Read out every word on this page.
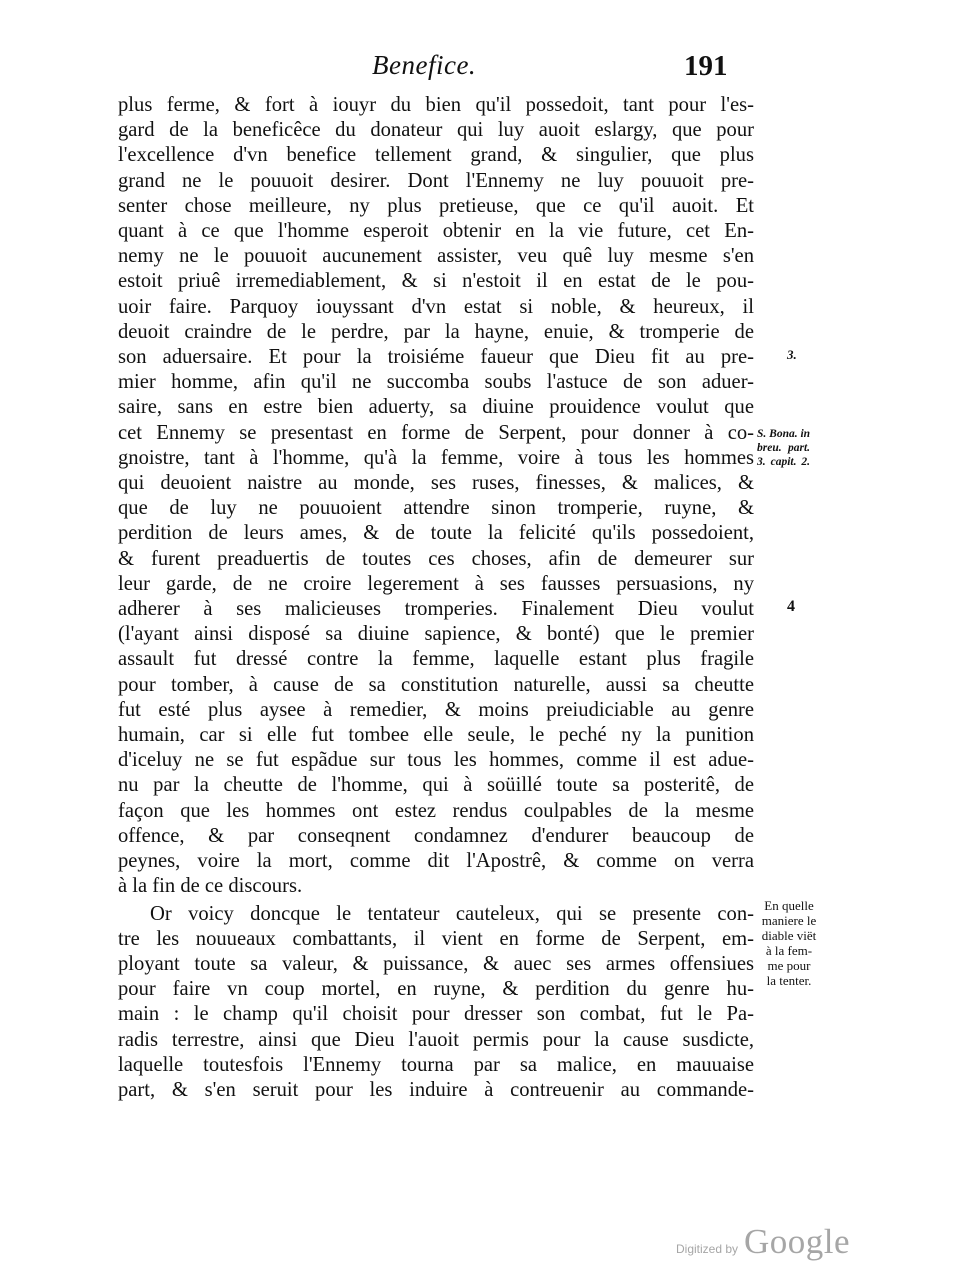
Benefice.	191
plus ferme, & fort à iouyr du bien qu'il possedoit, tant pour l'es-
gard de la beneficêce du donateur qui luy auoit eslargy, que pour
l'excellence d'vn benefice tellement grand, & singulier, que plus
grand ne le pouuoit desirer. Dont l'Ennemy ne luy pouuoit pre-
senter chose meilleure, ny plus pretieuse, que ce qu'il auoit. Et
quant à ce que l'homme esperoit obtenir en la vie future, cet En-
nemy ne le pouuoit aucunement assister, veu quê luy mesme s'en
estoit priuê irremediablement, & si n'estoit il en estat de le pou-
uoir faire. Parquoy iouyssant d'vn estat si noble, & heureux, il
deuoit craindre de le perdre, par la hayne, enuie, & tromperie de
son aduersaire. Et pour la troisiéme faueur que Dieu fit au pre-
mier homme, afin qu'il ne succomba soubs l'astuce de son aduer-
saire, sans en estre bien aduerty, sa diuine prouidence voulut que
cet Ennemy se presentast en forme de Serpent, pour donner à co-
gnoistre, tant à l'homme, qu'à la femme, voire à tous les hommes
qui deuoient naistre au monde, ses ruses, finesses, & malices, &
que de luy ne pouuoient attendre sinon tromperie, ruyne, &
perdition de leurs ames, & de toute la felicité qu'ils possedoient,
& furent preaduertis de toutes ces choses, afin de demeurer sur
leur garde, de ne croire legerement à ses fausses persuasions, ny
adherer à ses malicieuses tromperies. Finalement Dieu voulut
(l'ayant ainsi disposé sa diuine sapience, & bonté) que le premier
assault fut dressé contre la femme, laquelle estant plus fragile
pour tomber, à cause de sa constitution naturelle, aussi sa cheutte
fut esté plus aysee à remedier, & moins preiudiciable au genre
humain, car si elle fut tombee elle seule, le peché ny la punition
d'iceluy ne se fut espãdue sur tous les hommes, comme il est adue-
nu par la cheutte de l'homme, qui à soüillé toute sa posteritê, de
façon que les hommes ont estez rendus coulpables de la mesme
offence, & par conseqnent condamnez d'endurer beaucoup de
peynes, voire la mort, comme dit l'Apostrê, & comme on verra
à la fin de ce discours.
Or voicy doncque le tentateur cauteleux, qui se presente con-
tre les nouueaux combattants, il vient en forme de Serpent, em-
ployant toute sa valeur, & puissance, & auec ses armes offensiues
pour faire vn coup mortel, en ruyne, & perdition du genre hu-
main : le champ qu'il choisit pour dresser son combat, fut le Pa-
radis terrestre, ainsi que Dieu l'auoit permis pour la cause susdicte,
laquelle toutesfois l'Ennemy tourna par sa malice, en mauuaise
part, & s'en seruit pour les induire à contreuenir au commande-
3.
S. Bona. in
breu. part.
3. capit. 2.
4
En quelle
maniere le
diable viët
à la fem-
me pour
la tenter.
Digitized by Google
